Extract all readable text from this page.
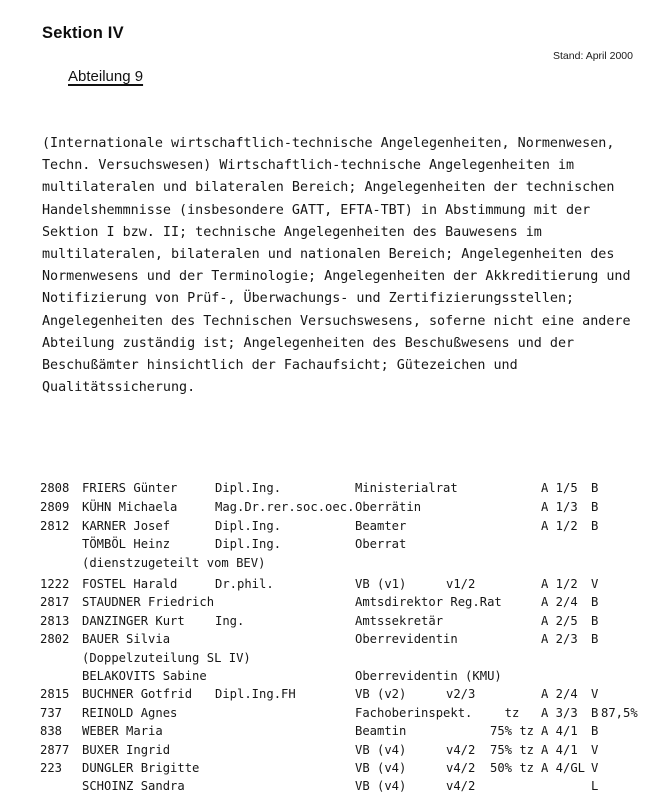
Sektion IV
Stand: April 2000
Abteilung 9
(Internationale wirtschaftlich-technische Angelegenheiten, Normenwesen,
Techn. Versuchswesen) Wirtschaftlich-technische Angelegenheiten im
multilateralen und bilateralen Bereich; Angelegenheiten der technischen
Handelshemmnisse (insbesondere GATT, EFTA-TBT) in Abstimmung mit der
Sektion I bzw. II; technische Angelegenheiten des Bauwesens im
multilateralen, bilateralen und nationalen Bereich; Angelegenheiten des
Normenwesens und der Terminologie; Angelegenheiten der Akkreditierung und
Notifizierung von Prüf-, Überwachungs- und Zertifizierungsstellen;
Angelegenheiten des Technischen Versuchswesens, soferne nicht eine andere
Abteilung zuständig ist; Angelegenheiten des Beschußwesens und der
Beschußämter hinsichtlich der Fachaufsicht; Gütezeichen und
Qualitätssicherung.
2808 FRIERS Günter	Dipl.Ing.	Ministerialrat	A 1/5 B
2809 KÜHN Michaela	Mag.Dr.rer.soc.oec. Oberrätin	A 1/3 B
2812 KARNER Josef	Dipl.Ing.	Beamter	A 1/2 B
TÖMBÖL Heinz	Dipl.Ing.	Oberrat
(dienstzugeteilt vom BEV)
1222 FOSTEL Harald	Dr.phil.	VB (v1)	v1/2	A 1/2 V
2817 STAUDNER Friedrich	Amtsdirektor Reg.Rat	A 2/4 B
2813 DANZINGER Kurt Ing.	Amtssekretär	A 2/5 B
2802 BAUER Silvia	Oberrevidentin	A 2/3 B
(Doppelzuteilung SL IV)
BELAKOVITS Sabine	Oberrevidentin (KMU)
2815 BUCHNER Gotfrid Dipl.Ing.FH	VB (v2)	v2/3	A 2/4 V
737 REINOLD Agnes	Fachoberinspekt. tz A 3/3 B 87,5%
838 WEBER Maria	Beamtin	75% tz A 4/1 B
2877 BUXER Ingrid	VB (v4)	v4/2 75% tz A 4/1 V
223 DUNGLER Brigitte	VB (v4)	v4/2 50% tz A 4/GL V
SCHOINZ Sandra	VB (v4)	v4/2	L
